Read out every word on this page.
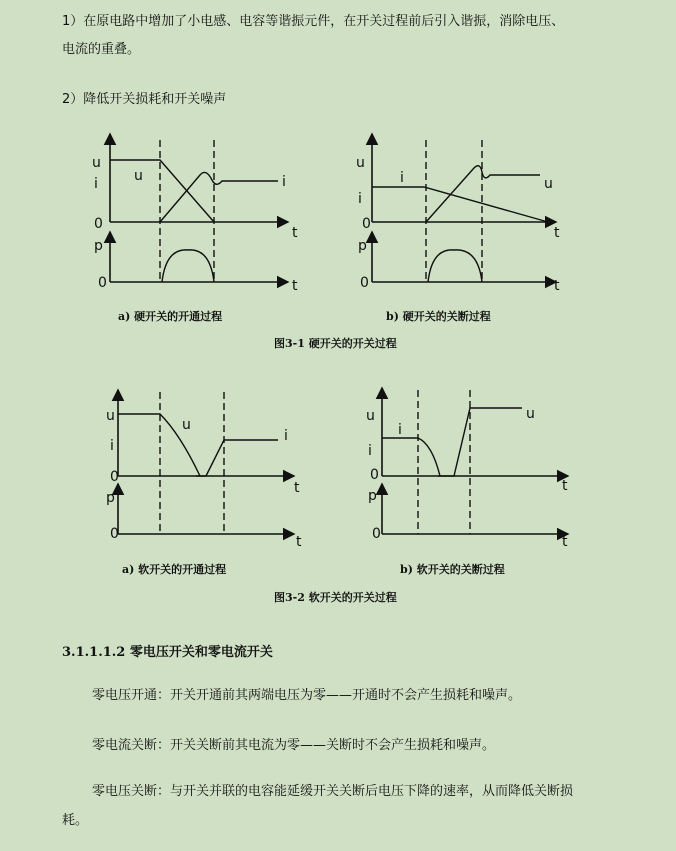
1）在原电路中增加了小电感、电容等谐振元件，在开关过程前后引入谐振，消除电压、
电流的重叠。
2）降低开关损耗和开关噪声
u
i
0
t
u	i
p
0	t
a) 硬开关的开通过程
u
i
0
t
i	u
p
0	t
b) 硬开关的关断过程
图3-1 硬开关的开关过程
u
i
0
t
u
i
p
0	t
a) 软开关的开通过程
u
i
0
t
i
u
p
0	t
b) 软开关的关断过程
图3-2 软开关的开关过程
3.1.1.1.2 零电压开关和零电流开关
零电压开通：开关开通前其两端电压为零——开通时不会产生损耗和噪声。
零电流关断：开关关断前其电流为零——关断时不会产生损耗和噪声。
零电压关断：与开关并联的电容能延缓开关关断后电压下降的速率，从而降低关断损
耗。
